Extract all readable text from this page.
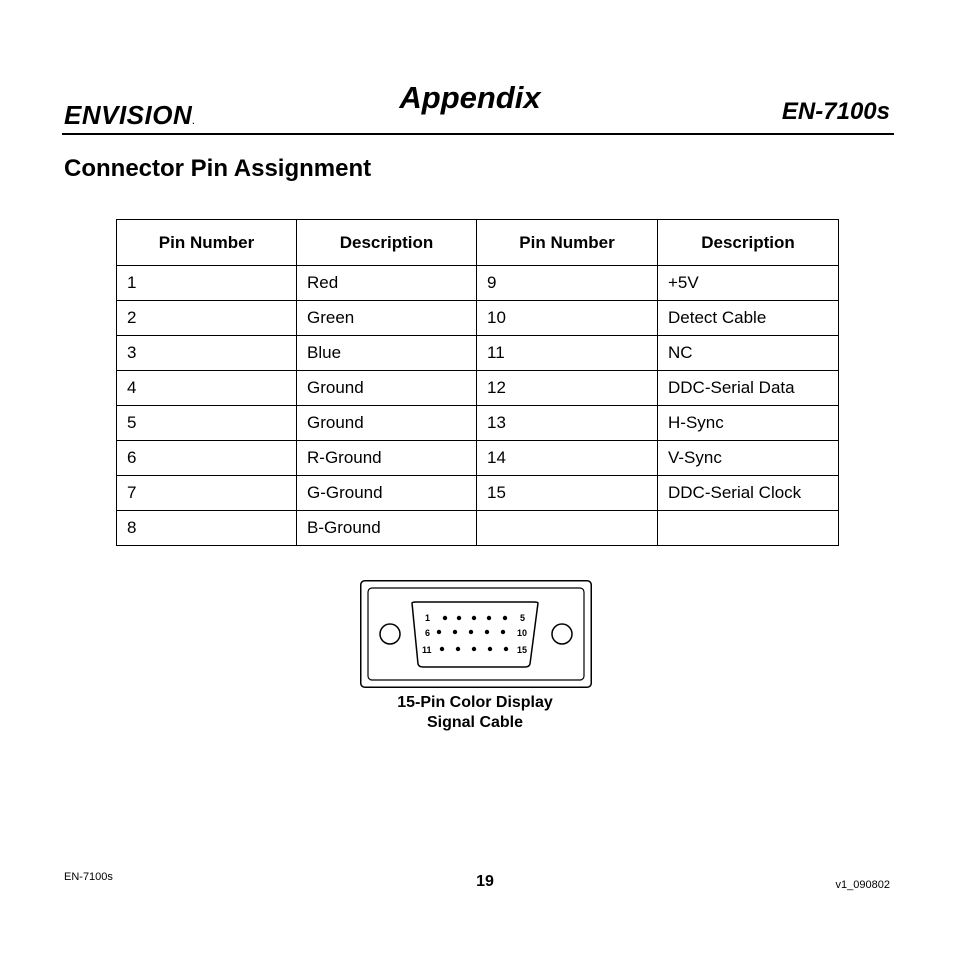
ENVISION.
Appendix	EN-7100s
Connector Pin Assignment
Pin Number	Description	Pin Number	Description
1	Red	9	+5V
2	Green	10	Detect Cable
3	Blue	11	NC
4	Ground	12	DDC-Serial Data
5	Ground	13	H-Sync
6	R-Ground	14	V-Sync
7	G-Ground	15	DDC-Serial Clock
8	B-Ground		
1	5
6	10
11	15
15-Pin Color Display
Signal Cable
EN-7100s	19	v1_090802
